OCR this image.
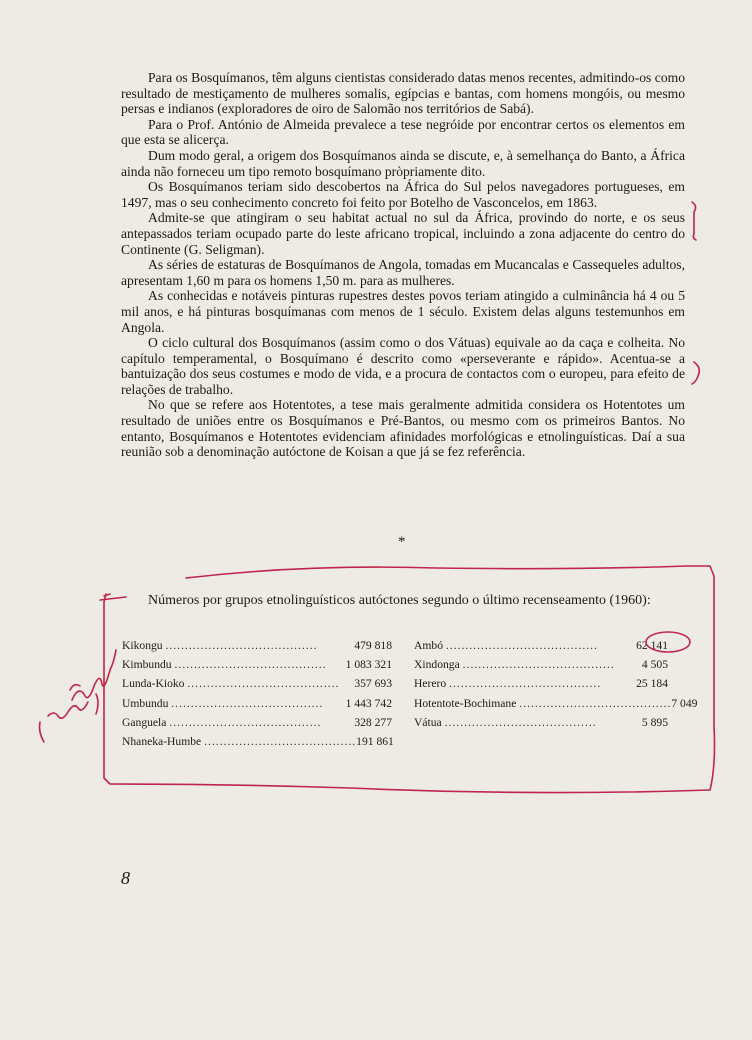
Para os Bosquímanos, têm alguns cientistas considerado datas menos recentes, admitindo-os como resultado de mestiçamento de mulheres somalis, egípcias e bantas, com homens mongóis, ou mesmo persas e indianos (exploradores de oiro de Salomão nos territórios de Sabá).

Para o Prof. António de Almeida prevalece a tese negróide por encontrar certos os elementos em que esta se alicerça.

Dum modo geral, a origem dos Bosquímanos ainda se discute, e, à semelhança do Banto, a África ainda não forneceu um tipo remoto bosquímano pròpriamente dito.

Os Bosquímanos teriam sido descobertos na África do Sul pelos navegadores portugueses, em 1497, mas o seu conhecimento concreto foi feito por Botelho de Vasconcelos, em 1863.

Admite-se que atingiram o seu habitat actual no sul da África, provindo do norte, e os seus antepassados teriam ocupado parte do leste africano tropical, incluindo a zona adjacente do centro do Continente (G. Seligman).

As séries de estaturas de Bosquímanos de Angola, tomadas em Mucancalas e Cassequeles adultos, apresentam 1,60 m para os homens 1,50 m. para as mulheres.

As conhecidas e notáveis pinturas rupestres destes povos teriam atingido a culminância há 4 ou 5 mil anos, e há pinturas bosquímanas com menos de 1 século. Existem delas alguns testemunhos em Angola.

O ciclo cultural dos Bosquímanos (assim como o dos Vátuas) equivale ao da caça e colheita. No capítulo temperamental, o Bosquímano é descrito como «perseverante e rápido». Acentua-se a bantuização dos seus costumes e modo de vida, e a procura de contactos com o europeu, para efeito de relações de trabalho.

No que se refere aos Hotentotes, a tese mais geralmente admitida considera os Hotentotes um resultado de uniões entre os Bosquímanos e Pré-Bantos, ou mesmo com os primeiros Bantos. No entanto, Bosquímanos e Hotentotes evidenciam afinidades morfológicas e etnolinguísticas. Daí a sua reunião sob a denominação autóctone de Koisan a que já se fez referência.

*
Números por grupos etnolinguísticos autóctones segundo o último recenseamento (1960):
Kikongu .......................................	479 818
Kimbundu .......................................	1 083 321
Lunda-Kioko .......................................	357 693
Umbundu .......................................	1 443 742
Ganguela .......................................	328 277
Nhaneka-Humbe ....................................... 191 861
Ambó .......................................	62 141
Xindonga .......................................	4 505
Herero .......................................	25 184
Hotentote-Bochimane ....................................... 7 049
Vátua .......................................	5 895
8
